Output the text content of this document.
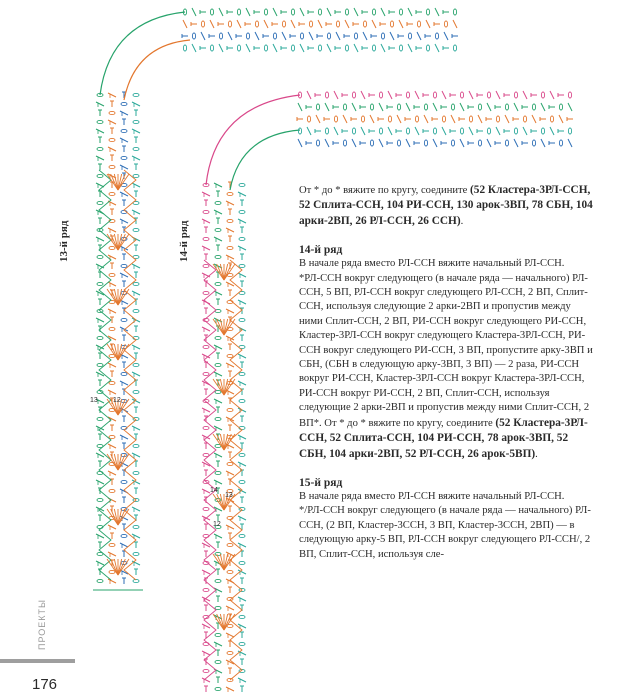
13 12
14
13
12
13-й ряд	14-й ряд

От * до * вяжите по кругу, соедините (52 Кластера-3РЛ-ССН, 52 Сплита-ССН, 104 РИ-ССН, 130 арок-3ВП, 78 СБН, 104 арки-2ВП, 26 РЛ-ССН, 26 ССН).

14-й ряд

В начале ряда вместо РЛ-ССН вяжите начальный РЛ-ССН.

*РЛ-ССН вокруг следующего (в начале ряда — начального) РЛ-ССН, 5 ВП, РЛ-ССН вокруг следующего РЛ-ССН, 2 ВП, Сплит-ССН, используя следующие 2 арки-2ВП и пропустив между ними Сплит-ССН, 2 ВП, РИ-ССН вокруг следующего РИ-ССН, Кластер-3РЛ-ССН вокруг следующего Кластера-3РЛ-ССН, РИ-ССН вокруг следующего РИ-ССН, 3 ВП, пропустите арку-3ВП и СБН, (СБН в следующую арку-3ВП, 3 ВП) — 2 раза, РИ-ССН вокруг РИ-ССН, Кластер-3РЛ-ССН вокруг Кластера-3РЛ-ССН, РИ-ССН вокруг РИ-ССН, 2 ВП, Сплит-ССН, используя следующие 2 арки-2ВП и пропустив между ними Сплит-ССН, 2 ВП*. От * до * вяжите по кругу, соедините (52 Кластера-3РЛ-ССН, 52 Сплита-ССН, 104 РИ-ССН, 78 арок-3ВП, 52 СБН, 104 арки-2ВП, 52 РЛ-ССН, 26 арок-5ВП).

15-й ряд

В начале ряда вместо РЛ-ССН вяжите начальный РЛ-ССН.

*/РЛ-ССН вокруг следующего (в начале ряда — начального) РЛ-ССН, (2 ВП, Кластер-3ССН, 3 ВП, Кластер-3ССН, 2ВП) — в следующую арку-5 ВП, РЛ-ССН вокруг следующего РЛ-ССН/, 2 ВП, Сплит-ССН, используя сле-

ПРОЕКТЫ
176
